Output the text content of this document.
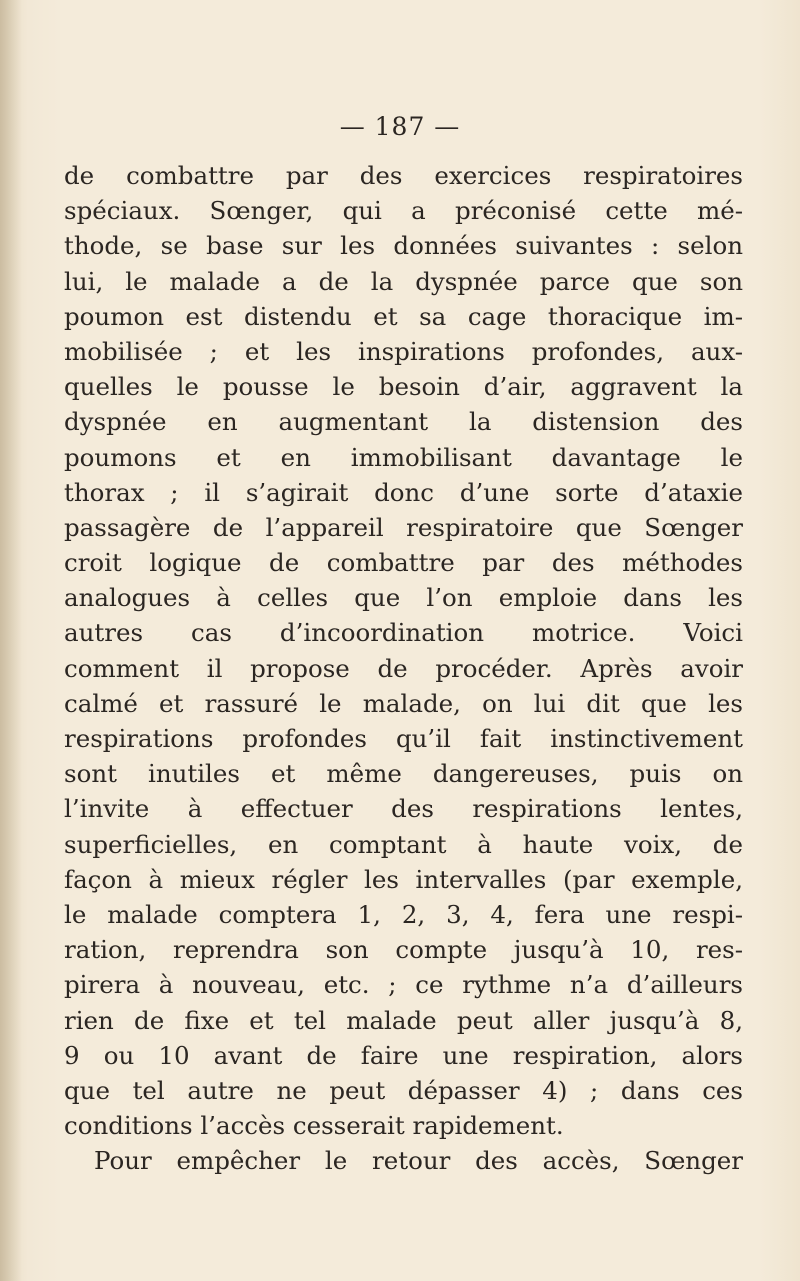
— 187 —
de combattre par des exercices respiratoires
spéciaux. Sœnger, qui a préconisé cette mé-
thode, se base sur les données suivantes : selon
lui, le malade a de la dyspnée parce que son
poumon est distendu et sa cage thoracique im-
mobilisée ; et les inspirations profondes, aux-
quelles le pousse le besoin d’air, aggravent la
dyspnée en augmentant la distension des
poumons et en immobilisant davantage le
thorax ; il s’agirait donc d’une sorte d’ataxie
passagère de l’appareil respiratoire que Sœnger
croit logique de combattre par des méthodes
analogues à celles que l’on emploie dans les
autres cas d’incoordination motrice. Voici
comment il propose de procéder. Après avoir
calmé et rassuré le malade, on lui dit que les
respirations profondes qu’il fait instinctivement
sont inutiles et même dangereuses, puis on
l’invite à effectuer des respirations lentes,
superficielles, en comptant à haute voix, de
façon à mieux régler les intervalles (par exemple,
le malade comptera 1, 2, 3, 4, fera une respi-
ration, reprendra son compte jusqu’à 10, res-
pirera à nouveau, etc. ; ce rythme n’a d’ailleurs
rien de fixe et tel malade peut aller jusqu’à 8,
9 ou 10 avant de faire une respiration, alors
que tel autre ne peut dépasser 4) ; dans ces
conditions l’accès cesserait rapidement.
Pour empêcher le retour des accès, Sœnger
